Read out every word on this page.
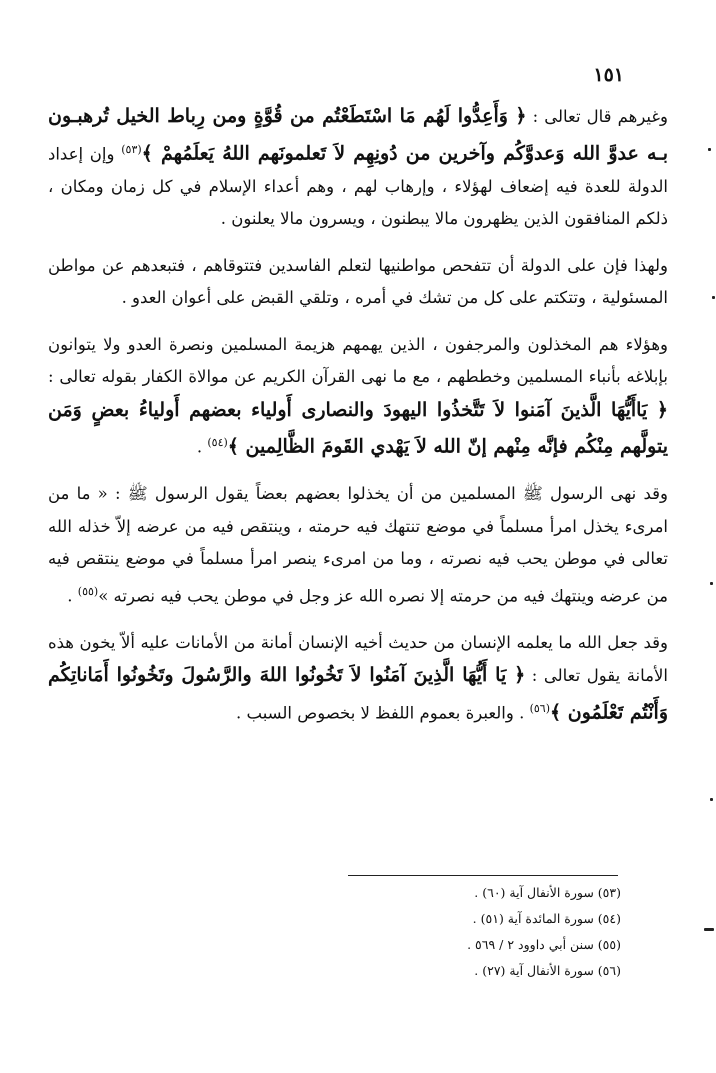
١٥١

وغيرهم قال تعالى : ﴿ وَأَعِدُّوا لَهُم مَا اسْتَطَعْتُم من قُوَّةٍ ومن رِباط الخيل تُرهبـون بـه عدوَّ الله وَعدوَّكُم وآخرين من دُونِهِم لاَ تَعلمونَهم اللهُ يَعلَمُهمْ ﴾$^{(٥٣)}$ وإن إعداد الدولة للعدة فيه إضعاف لهؤلاء ، وإرهاب لهم ، وهم أعداء الإسلام في كل زمان ومكان ، ذلكم المنافقون الذين يظهرون مالا يبطنون ، ويسرون مالا يعلنون .

ولهذا فإن على الدولة أن تتفحص مواطنيها لتعلم الفاسدين فتتوقاهم ، فتبعدهم عن مواطن المسئولية ، وتتكتم على كل من تشك في أمره ، وتلقي القبض على أعوان العدو .

وهؤلاء هم المخذلون والمرجفون ، الذين يهمهم هزيمة المسلمين ونصرة العدو ولا يتوانون بإبلاغه بأنباء المسلمين وخططهم ، مع ما نهى القرآن الكريم عن موالاة الكفار بقوله تعالى : ﴿ يَاأَيُّهَا الَّذينَ آمَنوا لاَ تَتَّخذُوا اليهودَ والنصارى أَولياء بعضهم أَولياءُ بعضٍ وَمَن يتولَّهم مِنْكُم فإنَّه مِنْهم إنّ الله لاَ يَهْدي القَومَ الظَّالِمين ﴾$^{(٥٤)}$ .

وقد نهى الرسول ﷺ المسلمين من أن يخذلوا بعضهم بعضاً يقول الرسول ﷺ : « ما من امرىء يخذل امرأ مسلماً في موضع تنتهك فيه حرمته ، وينتقص فيه من عرضه إلاّ خذله الله تعالى في موطن يحب فيه نصرته ، وما من امرىء ينصر امرأ مسلماً في موضع ينتقص فيه من عرضه وينتهك فيه من حرمته إلا نصره الله عز وجل في موطن يحب فيه نصرته »$^{(٥٥)}$ .

وقد جعل الله ما يعلمه الإنسان من حديث أخيه الإنسان أمانة من الأمانات عليه ألاّ يخون هذه الأمانة يقول تعالى : ﴿ يَا أَيُّهَا الَّذِينَ آمَنُوا لاَ تَخُونُوا اللهَ والرَّسُولَ وتَخُونُوا أَمَاناتِكُم وَأَنْتُم تَعْلَمُون ﴾$^{(٥٦)}$ . والعبرة بعموم اللفظ لا بخصوص السبب .

(٥٣) سورة الأنفال آية (٦٠) .

(٥٤) سورة المائدة آية (٥١) .

(٥٥) سنن أبي داوود ٢ / ٥٦٩ .

(٥٦) سورة الأنفال آية (٢٧) .
